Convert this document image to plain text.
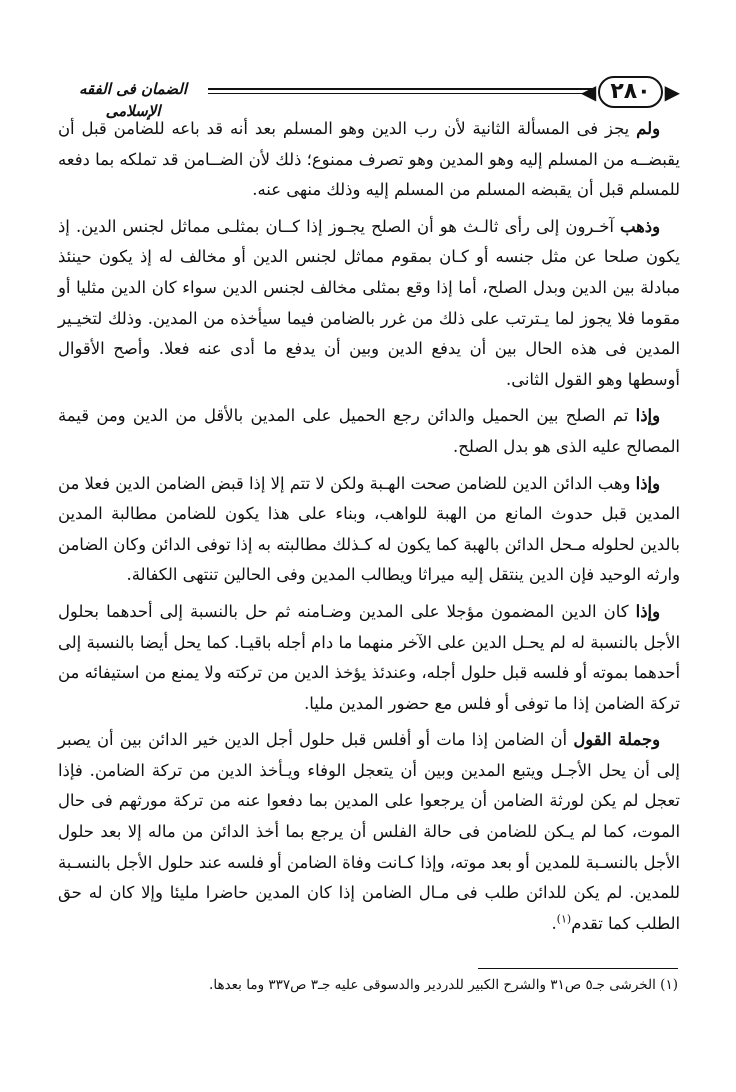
◀ ٢٨٠ ▶
الضمان فى الفقه الإسلامى

ولم يجز فى المسألة الثانية لأن رب الدين وهو المسلم بعد أنه قد باعه للضامن قبل أن يقبضــه من المسلم إليه وهو المدين وهو تصرف ممنوع؛ ذلك لأن الضــامن قد تملكه بما دفعه للمسلم قبل أن يقبضه المسلم من المسلم إليه وذلك منهى عنه.

وذهب آخـرون إلى رأى ثالـث هو أن الصلح يجـوز إذا كــان بمثلـى مماثل لجنس الدين. إذ يكون صلحا عن مثل جنسه أو كـان بمقوم مماثل لجنس الدين أو مخالف له إذ يكون حينئذ مبادلة بين الدين وبدل الصلح، أما إذا وقع بمثلى مخالف لجنس الدين سواء كان الدين مثليا أو مقوما فلا يجوز لما يـترتب على ذلك من غرر بالضامن فيما سيأخذه من المدين. وذلك لتخيـير المدين فى هذه الحال بين أن يدفع الدين وبين أن يدفع ما أدى عنه فعلا. وأصح الأقوال أوسطها وهو القول الثانى.

وإذا تم الصلح بين الحميل والدائن رجع الحميل على المدين بالأقل من الدين ومن قيمة المصالح عليه الذى هو بدل الصلح.

وإذا وهب الدائن الدين للضامن صحت الهـبة ولكن لا تتم إلا إذا قبض الضامن الدين فعلا من المدين قبل حدوث المانع من الهبة للواهب، وبناء على هذا يكون للضامن مطالبة المدين بالدين لحلوله مـحل الدائن بالهبة كما يكون له كـذلك مطالبته به إذا توفى الدائن وكان الضامن وارثه الوحيد فإن الدين ينتقل إليه ميراثا ويطالب المدين وفى الحالين تنتهى الكفالة.

وإذا كان الدين المضمون مؤجلا على المدين وضـامنه ثم حل بالنسبة إلى أحدهما بحلول الأجل بالنسبة له لم يحـل الدين على الآخر منهما ما دام أجله باقيـا. كما يحل أيضا بالنسبة إلى أحدهما بموته أو فلسه قبل حلول أجله، وعندئذ يؤخذ الدين من تركته ولا يمنع من استيفائه من تركة الضامن إذا ما توفى أو فلس مع حضور المدين مليا.

وجملة القول أن الضامن إذا مات أو أفلس قبل حلول أجل الدين خير الدائن بين أن يصبر إلى أن يحل الأجـل ويتبع المدين وبين أن يتعجل الوفاء ويـأخذ الدين من تركة الضامن. فإذا تعجل لم يكن لورثة الضامن أن يرجعوا على المدين بما دفعوا عنه من تركة مورثهم فى حال الموت، كما لم يـكن للضامن فى حالة الفلس أن يرجع بما أخذ الدائن من ماله إلا بعد حلول الأجل بالنسـبة للمدين أو بعد موته، وإذا كـانت وفاة الضامن أو فلسه عند حلول الأجل بالنسـبة للمدين. لم يكن للدائن طلب فى مـال الضامن إذا كان المدين حاضرا مليئا وإلا كان له حق الطلب كما تقدم$^{(١)}$.

(١) الخرشى جـ٥ ص٣١ والشرح الكبير للدردير والدسوقى عليه جـ٣ ص٣٣٧ وما بعدها.
